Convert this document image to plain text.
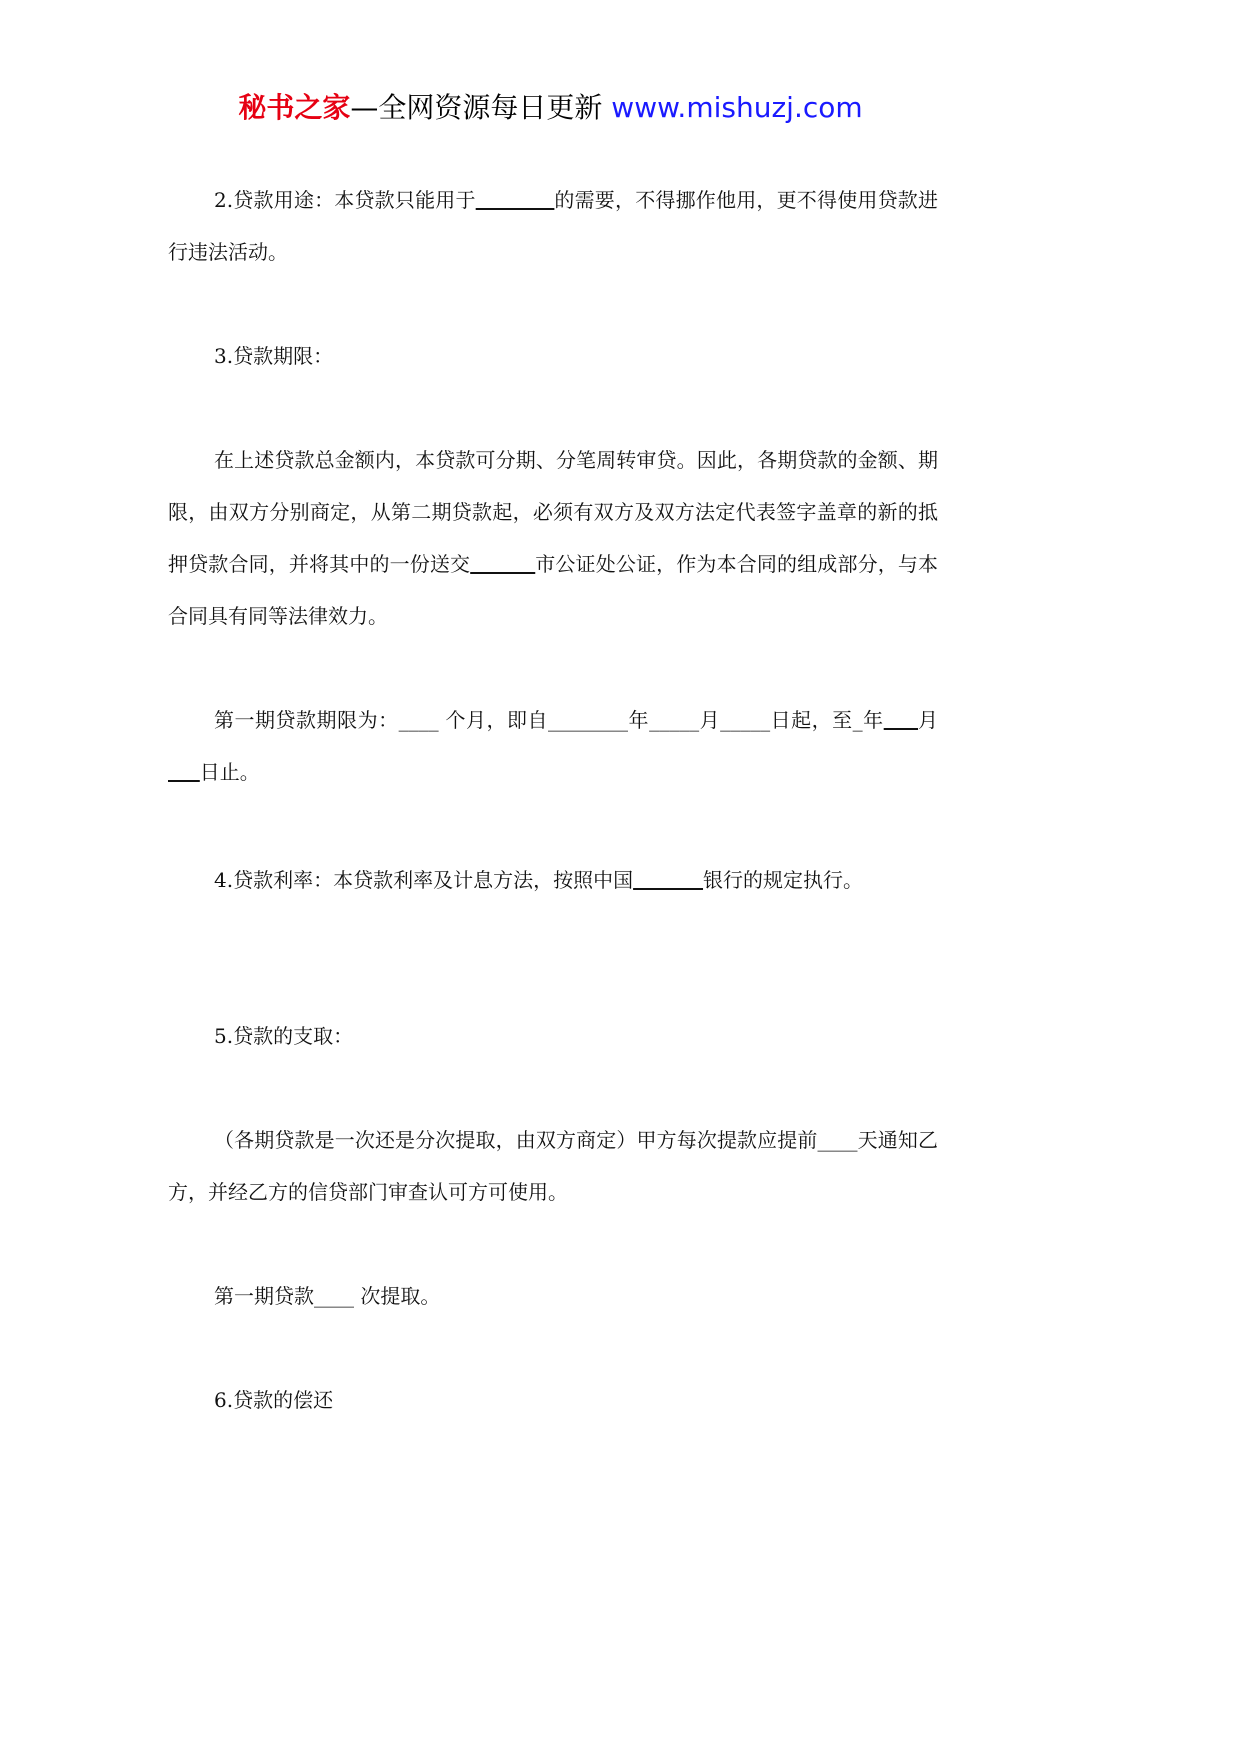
秘书之家—全网资源每日更新 www.mishuzj.com
2.贷款用途：本贷款只能用于	的需要，不得挪作他用，更不得使用贷款进行违法活动。
3.贷款期限：
在上述贷款总金额内，本贷款可分期、分笔周转审贷。因此，各期贷款的金额、期限，由双方分别商定，从第二期贷款起，必须有双方及双方法定代表签字盖章的新的抵押贷款合同，并将其中的一份送交	市公证处公证，作为本合同的组成部分，与本合同具有同等法律效力。
第一期贷款期限为：____ 个月，即自________年_____月_____日起，至_年 月     日止。
4.贷款利率：本贷款利率及计息方法，按照中国	银行的规定执行。
5.贷款的支取：
（各期贷款是一次还是分次提取，由双方商定）甲方每次提款应提前____天通知乙方，并经乙方的信贷部门审查认可方可使用。
第一期贷款____ 次提取。
6.贷款的偿还
